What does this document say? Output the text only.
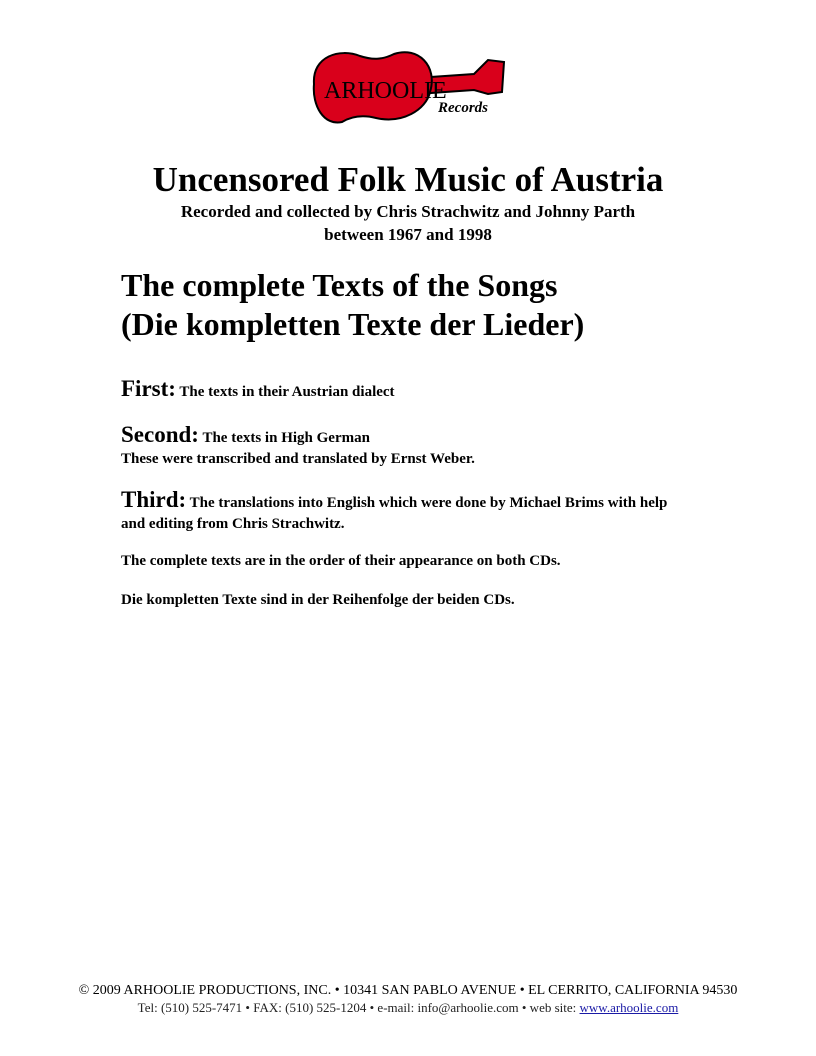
ARHOOLIE
Records
Uncensored Folk Music of Austria
Recorded and collected by Chris Strachwitz and Johnny Parth
between 1967 and 1998
The complete Texts of the Songs
(Die kompletten Texte der Lieder)
First: The texts in their Austrian dialect
Second: The texts in High German
These were transcribed and translated by Ernst Weber.
Third: The translations into English which were done by Michael Brims with help and editing from Chris Strachwitz.
The complete texts are in the order of their appearance on both CDs.
Die kompletten Texte sind in der Reihenfolge der beiden CDs.
© 2009 ARHOOLIE PRODUCTIONS, INC. • 10341 SAN PABLO AVENUE • EL CERRITO, CALIFORNIA 94530
Tel: (510) 525-7471 • FAX: (510) 525-1204 • e-mail: info@arhoolie.com • web site: www.arhoolie.com
